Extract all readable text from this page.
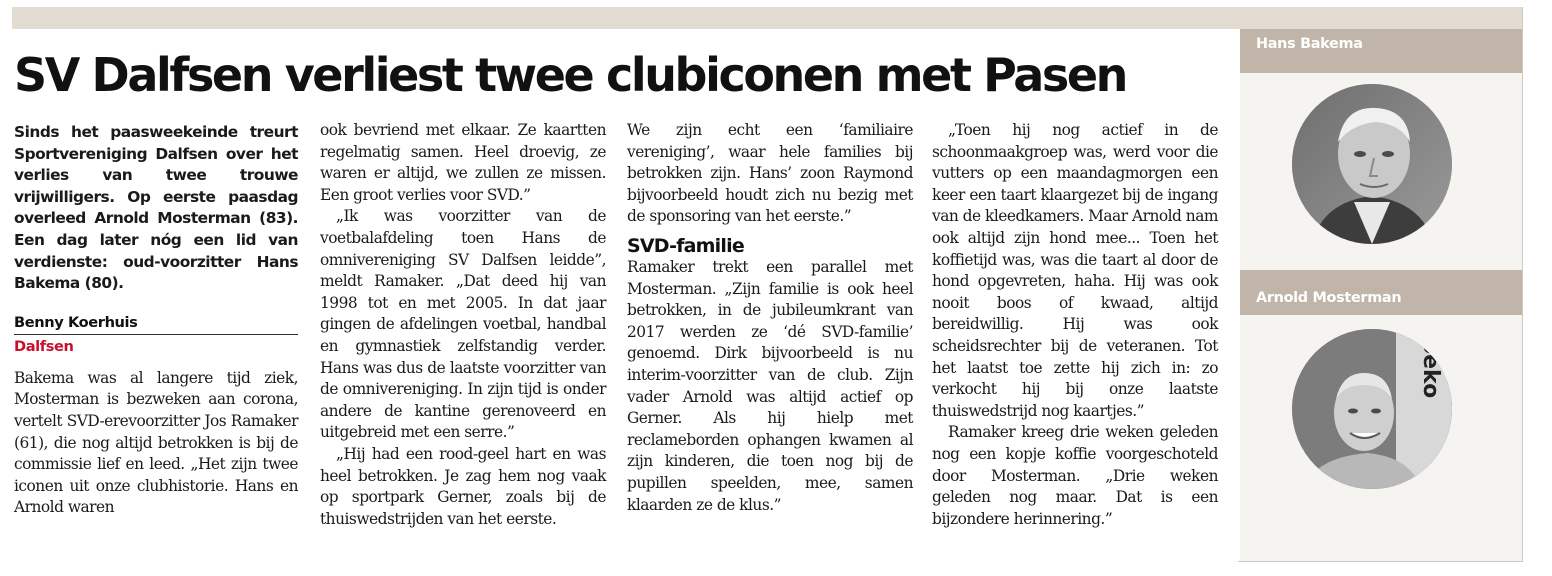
SV Dalfsen verliest twee clubiconen met Pasen

Sinds het paasweekeinde treurt Sportvereniging Dalfsen over het verlies van twee trouwe vrijwilligers. Op eerste paasdag overleed Arnold Mosterman (83). Een dag later nóg een lid van verdienste: oud-voorzitter Hans Bakema (80).

Benny Koerhuis
Dalfsen

Bakema was al langere tijd ziek, Mosterman is bezweken aan corona, vertelt SVD-erevoorzitter Jos Ramaker (61), die nog altijd betrokken is bij de commissie lief en leed. „Het zijn twee iconen uit onze clubhistorie. Hans en Arnold waren

ook bevriend met elkaar. Ze kaartten regelmatig samen. Heel droevig, ze waren er altijd, we zullen ze missen. Een groot verlies voor SVD.”

„Ik was voorzitter van de voetbalafdeling toen Hans de omnivereniging SV Dalfsen leidde”, meldt Ramaker. „Dat deed hij van 1998 tot en met 2005. In dat jaar gingen de afdelingen voetbal, handbal en gymnastiek zelfstandig verder. Hans was dus de laatste voorzitter van de omnivereniging. In zijn tijd is onder andere de kantine gerenoveerd en uitgebreid met een serre.”

„Hij had een rood-geel hart en was heel betrokken. Je zag hem nog vaak op sportpark Gerner, zoals bij de thuiswedstrijden van het eerste.

We zijn echt een ‘familiaire vereniging’, waar hele families bij betrokken zijn. Hans’ zoon Raymond bijvoorbeeld houdt zich nu bezig met de sponsoring van het eerste.”

SVD-familie

Ramaker trekt een parallel met Mosterman. „Zijn familie is ook heel betrokken, in de jubileumkrant van 2017 werden ze ‘dé SVD-familie’ genoemd. Dirk bijvoorbeeld is nu interim-voorzitter van de club. Zijn vader Arnold was altijd actief op Gerner. Als hij hielp met reclameborden ophangen kwamen al zijn kinderen, die toen nog bij de pupillen speelden, mee, samen klaarden ze de klus.”

„Toen hij nog actief in de schoonmaakgroep was, werd voor die vutters op een maandagmorgen een keer een taart klaargezet bij de ingang van de kleedkamers. Maar Arnold nam ook altijd zijn hond mee... Toen het koffietijd was, was die taart al door de hond opgevreten, haha. Hij was ook nooit boos of kwaad, altijd bereidwillig. Hij was ook scheidsrechter bij de veteranen. Tot het laatst toe zette hij zich in: zo verkocht hij bij onze laatste thuiswedstrijd nog kaartjes.”

Ramaker kreeg drie weken geleden nog een kopje koffie voorgeschoteld door Mosterman. „Drie weken geleden nog maar. Dat is een bijzondere herinnering.”

Hans Bakema
Arnold Mosterman
oeko
